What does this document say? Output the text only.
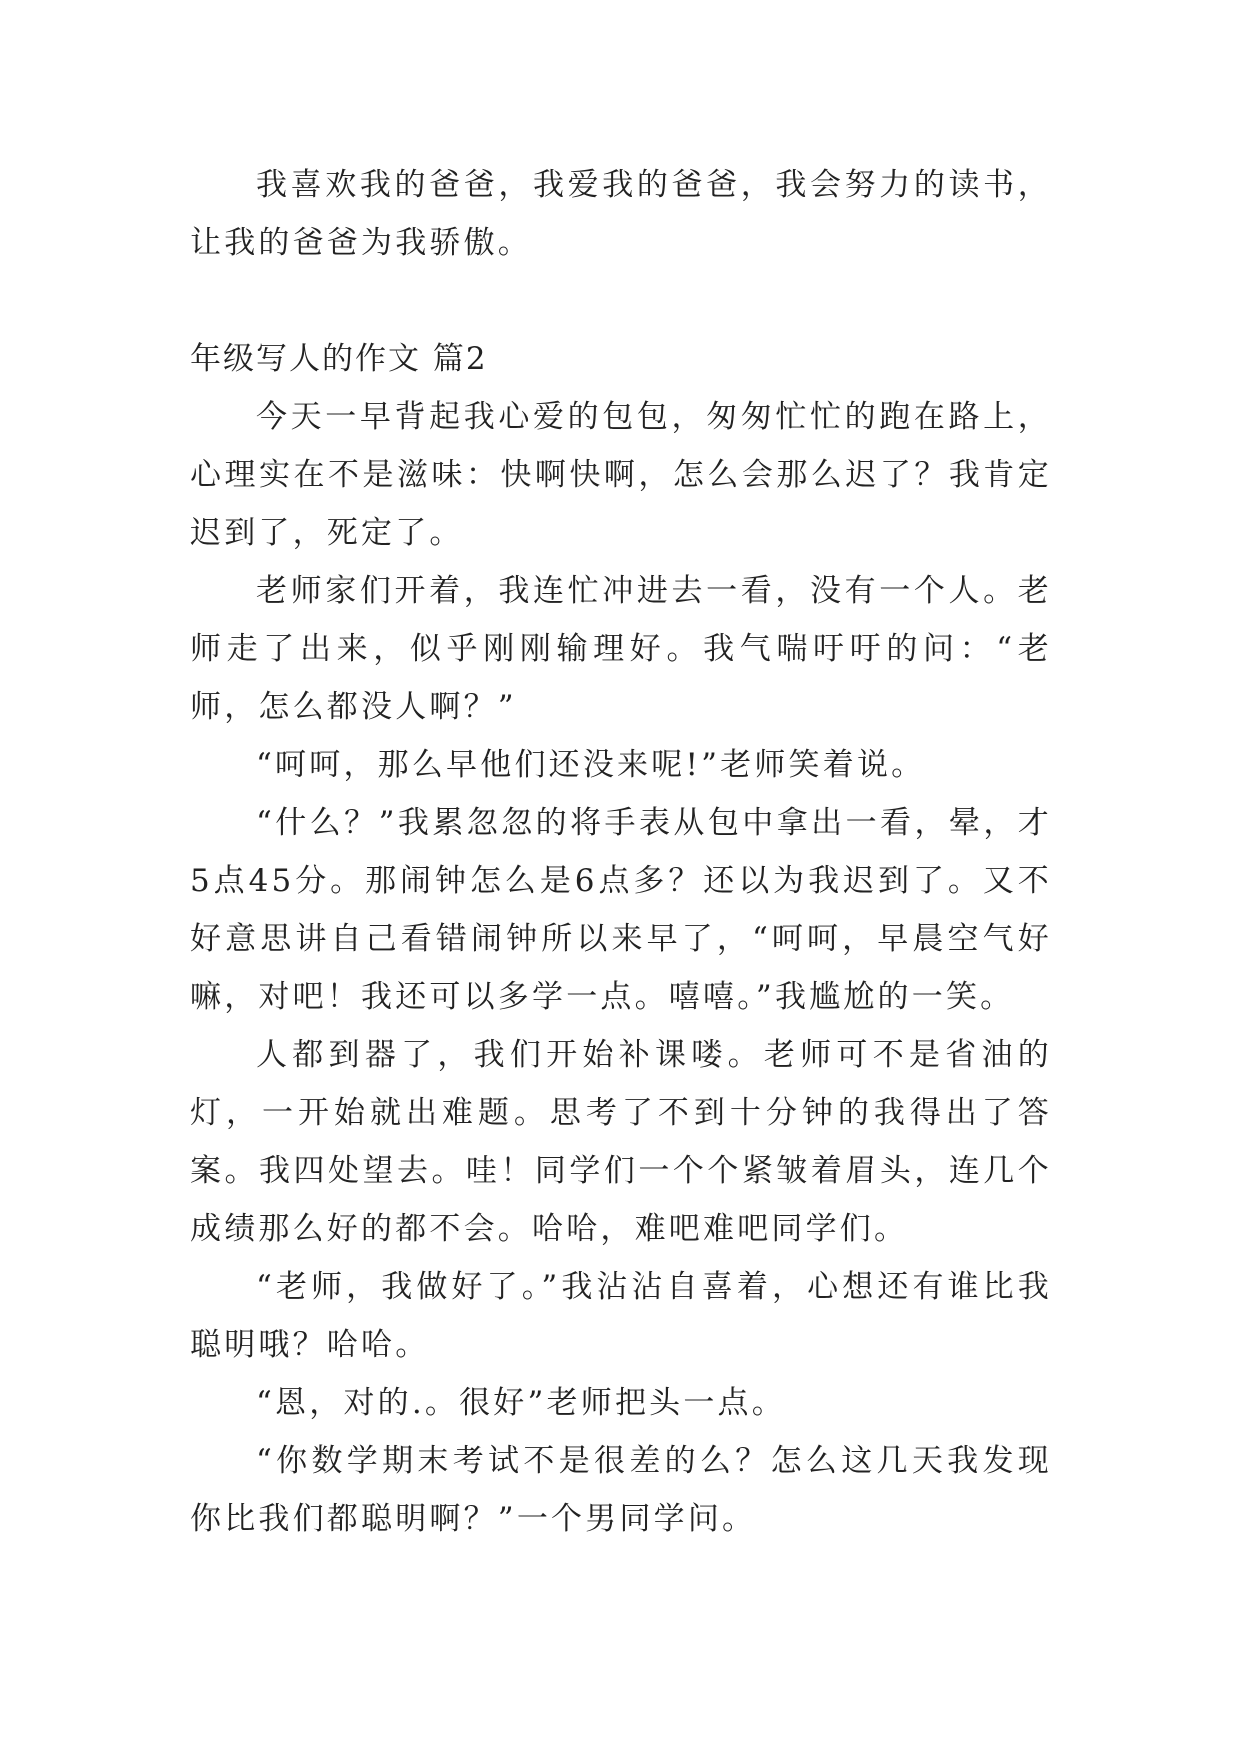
我喜欢我的爸爸，我爱我的爸爸，我会努力的读书，让我的爸爸为我骄傲。

年级写人的作文 篇2

今天一早背起我心爱的包包，匆匆忙忙的跑在路上，心理实在不是滋味：快啊快啊，怎么会那么迟了？我肯定迟到了，死定了。

老师家们开着，我连忙冲进去一看，没有一个人。老师走了出来，似乎刚刚输理好。我气喘吁吁的问：“老师，怎么都没人啊？”

“呵呵，那么早他们还没来呢!”老师笑着说。

“什么？”我累忽忽的将手表从包中拿出一看，晕，才5点45分。那闹钟怎么是6点多？还以为我迟到了。又不好意思讲自己看错闹钟所以来早了，“呵呵，早晨空气好嘛，对吧！我还可以多学一点。嘻嘻。”我尴尬的一笑。

人都到器了，我们开始补课喽。老师可不是省油的灯，一开始就出难题。思考了不到十分钟的我得出了答案。我四处望去。哇！同学们一个个紧皱着眉头，连几个成绩那么好的都不会。哈哈，难吧难吧同学们。

“老师，我做好了。”我沾沾自喜着，心想还有谁比我聪明哦？哈哈。

“恩，对的.。很好”老师把头一点。

“你数学期末考试不是很差的么？怎么这几天我发现你比我们都聪明啊？”一个男同学问。
